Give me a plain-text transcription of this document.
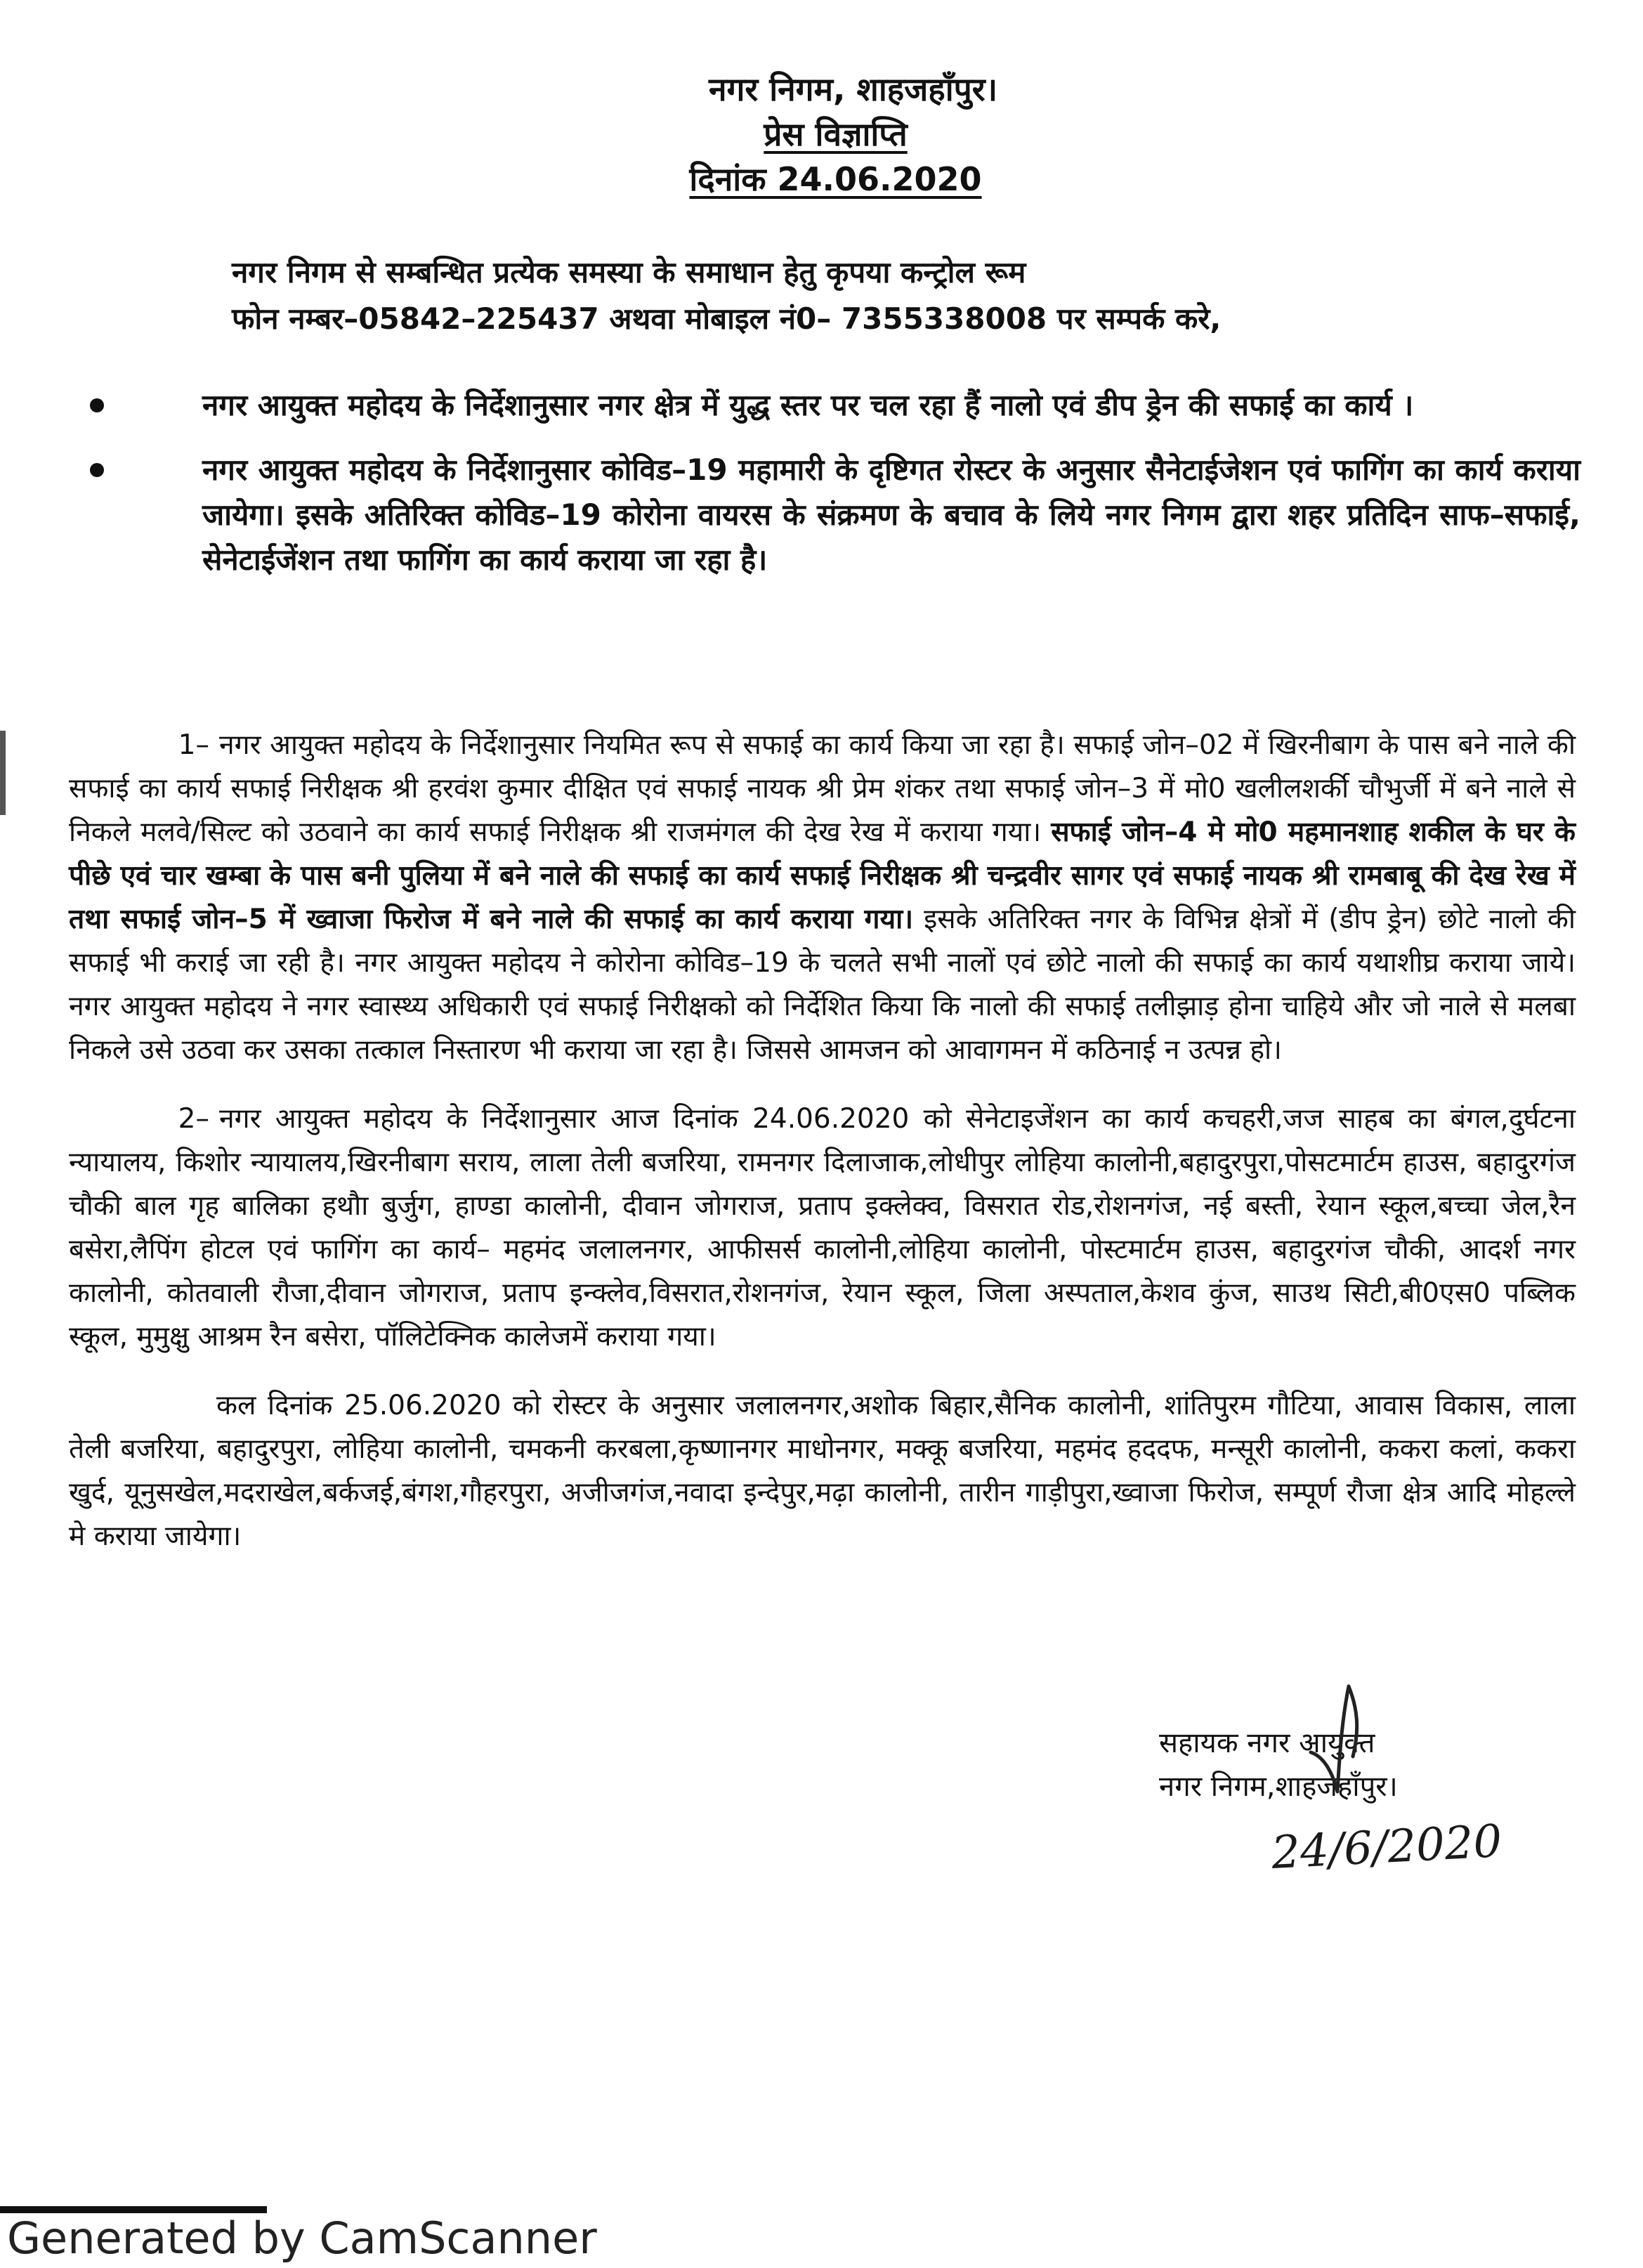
नगर निगम, शाहजहाँपुर।

प्रेस विज्ञाप्ति

दिनांक 24.06.2020

नगर निगम से सम्बन्धित प्रत्येक समस्या के समाधान हेतु कृपया कन्ट्रोल रूम

फोन नम्बर–05842–225437 अथवा मोबाइल नं0– 7355338008 पर सम्पर्क करे,

नगर आयुक्त महोदय के निर्देशानुसार नगर क्षेत्र में युद्ध स्तर पर चल रहा हैं नालो एवं डीप ड्रेन की सफाई का कार्य ।

नगर आयुक्त महोदय के निर्देशानुसार कोविड–19 महामारी के दृष्टिगत रोस्टर के अनुसार सैनेटाईजेशन एवं फागिंग का कार्य कराया जायेगा। इसके अतिरिक्त कोविड–19 कोरोना वायरस के संक्रमण के बचाव के लिये नगर निगम द्वारा शहर प्रतिदिन साफ–सफाई, सेनेटाईजेंशन तथा फागिंग का कार्य कराया जा रहा है।

1– नगर आयुक्त महोदय के निर्देशानुसार नियमित रूप से सफाई का कार्य किया जा रहा है। सफाई जोन–02 में खिरनीबाग के पास बने नाले की सफाई का कार्य सफाई निरीक्षक श्री हरवंश कुमार दीक्षित एवं सफाई नायक श्री प्रेम शंकर तथा सफाई जोन–3 में मो0 खलीलशर्की चौभुर्जी में बने नाले से निकले मलवे/सिल्ट को उठवाने का कार्य सफाई निरीक्षक श्री राजमंगल की देख रेख में कराया गया। सफाई जोन–4 मे मो0 महमानशाह शकील के घर के पीछे एवं चार खम्बा के पास बनी पुलिया में बने नाले की सफाई का कार्य सफाई निरीक्षक श्री चन्द्रवीर सागर एवं सफाई नायक श्री रामबाबू की देख रेख में तथा सफाई जोन–5 में ख्वाजा फिरोज में बने नाले की सफाई का कार्य कराया गया। इसके अतिरिक्त नगर के विभिन्न क्षेत्रों में (डीप ड्रेन) छोटे नालो की सफाई भी कराई जा रही है। नगर आयुक्त महोदय ने कोरोना कोविड–19 के चलते सभी नालों एवं छोटे नालो की सफाई का कार्य यथाशीघ्र कराया जाये। नगर आयुक्त महोदय ने नगर स्वास्थ्य अधिकारी एवं सफाई निरीक्षको को निर्देशित किया कि नालो की सफाई तलीझाड़ होना चाहिये और जो नाले से मलबा निकले उसे उठवा कर उसका तत्काल निस्तारण भी कराया जा रहा है। जिससे आमजन को आवागमन में कठिनाई न उत्पन्न हो।

2– नगर आयुक्त महोदय के निर्देशानुसार आज दिनांक 24.06.2020 को सेनेटाइजेंशन का कार्य कचहरी,जज साहब का बंगल,दुर्घटना न्यायालय, किशोर न्यायालय,खिरनीबाग सराय, लाला तेली बजरिया, रामनगर दिलाजाक,लोधीपुर लोहिया कालोनी,बहादुरपुरा,पोसटमार्टम हाउस, बहादुरगंज चौकी बाल गृह बालिका हथौा बुर्जुग, हाण्डा कालोनी, दीवान जोगराज, प्रताप इक्लेक्व, विसरात रोड,रोशनगंज, नई बस्ती, रेयान स्कूल,बच्चा जेल,रैन बसेरा,लैपिंग होटल एवं फागिंग का कार्य– महमंद जलालनगर, आफीसर्स कालोनी,लोहिया कालोनी, पोस्टमार्टम हाउस, बहादुरगंज चौकी, आदर्श नगर कालोनी, कोतवाली रौजा,दीवान जोगराज, प्रताप इन्क्लेव,विसरात,रोशनगंज, रेयान स्कूल, जिला अस्पताल,केशव कुंज, साउथ सिटी,बी0एस0 पब्लिक स्कूल, मुमुक्षु आश्रम रैन बसेरा, पॉलिटेक्निक कालेजमें कराया गया।

कल दिनांक 25.06.2020 को रोस्टर के अनुसार जलालनगर,अशोक बिहार,सैनिक कालोनी, शांतिपुरम गौटिया, आवास विकास, लाला तेली बजरिया, बहादुरपुरा, लोहिया कालोनी, चमकनी करबला,कृष्णानगर माधोनगर, मक्कू बजरिया, महमंद हददफ, मन्सूरी कालोनी, ककरा कलां, ककरा खुर्द, यूनुसखेल,मदराखेल,बर्कजई,बंगश,गौहरपुरा, अजीजगंज,नवादा इन्देपुर,मढ़ा कालोनी, तारीन गाड़ीपुरा,ख्वाजा फिरोज, सम्पूर्ण रौजा क्षेत्र आदि मोहल्ले मे कराया जायेगा।

सहायक नगर आयुक्त

नगर निगम,शाहजहाँपुर।

24/6/2020

Generated by CamScanner
